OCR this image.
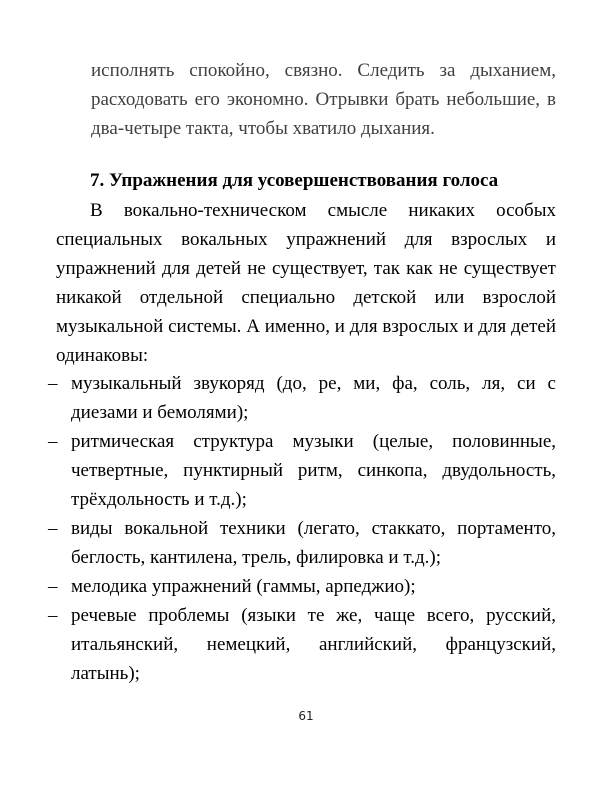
исполнять спокойно, связно. Следить за дыханием, расходовать его экономно. Отрывки брать небольшие, в два-четыре такта, чтобы хватило дыхания.

7. Упражнения для усовершенствования голоса

В вокально-техническом смысле никаких особых специальных вокальных упражнений для взрослых и упражнений для детей не существует, так как не существует никакой отдельной специально детской или взрослой музыкальной системы. А именно, и для взрослых и для детей одинаковы:

– музыкальный звукоряд (до, ре, ми, фа, соль, ля, си с диезами и бемолями);
– ритмическая структура музыки (целые, половинные, четвертные, пунктирный ритм, синкопа, двудольность, трёхдольность и т.д.);
– виды вокальной техники (легато, стаккато, портаменто, беглость, кантилена, трель, филировка и т.д.);
– мелодика упражнений (гаммы, арпеджио);
– речевые проблемы (языки те же, чаще всего, русский, итальянский, немецкий, английский, французский, латынь);
61
